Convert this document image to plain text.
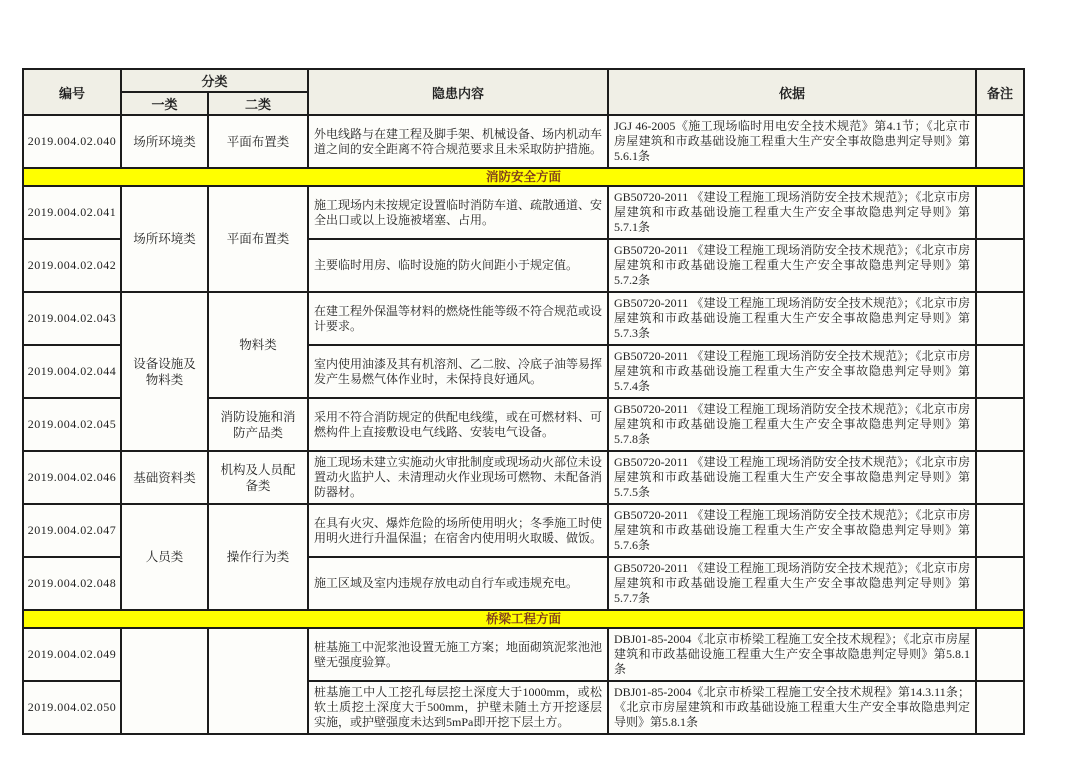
编号	分类		隐患内容	依据	备注
	一类	二类			
2019.004.02.040	场所环境类	平面布置类	外电线路与在建工程及脚手架、机械设备、场内机动车道之间的安全距离不符合规范要求且未采取防护措施。	JGJ 46-2005《施工现场临时用电安全技术规范》第4.1节；《北京市房屋建筑和市政基础设施工程重大生产安全事故隐患判定导则》第5.6.1条	
消防安全方面					
2019.004.02.041	场所环境类	平面布置类	施工现场内未按规定设置临时消防车道、疏散通道、安全出口或以上设施被堵塞、占用。	GB50720-2011 《建设工程施工现场消防安全技术规范》；《北京市房屋建筑和市政基础设施工程重大生产安全事故隐患判定导则》第5.7.1条	
2019.004.02.042			主要临时用房、临时设施的防火间距小于规定值。	GB50720-2011 《建设工程施工现场消防安全技术规范》；《北京市房屋建筑和市政基础设施工程重大生产安全事故隐患判定导则》第5.7.2条	
2019.004.02.043	设备设施及物料类	物料类	在建工程外保温等材料的燃烧性能等级不符合规范或设计要求。	GB50720-2011 《建设工程施工现场消防安全技术规范》；《北京市房屋建筑和市政基础设施工程重大生产安全事故隐患判定导则》第5.7.3条	
2019.004.02.044			室内使用油漆及其有机溶剂、乙二胺、冷底子油等易挥发产生易燃气体作业时，未保持良好通风。	GB50720-2011 《建设工程施工现场消防安全技术规范》；《北京市房屋建筑和市政基础设施工程重大生产安全事故隐患判定导则》第5.7.4条	
2019.004.02.045		消防设施和消防产品类	采用不符合消防规定的供配电线缆，或在可燃材料、可燃构件上直接敷设电气线路、安装电气设备。	GB50720-2011 《建设工程施工现场消防安全技术规范》；《北京市房屋建筑和市政基础设施工程重大生产安全事故隐患判定导则》第5.7.8条	
2019.004.02.046	基础资料类	机构及人员配备类	施工现场未建立实施动火审批制度或现场动火部位未设置动火监护人、未清理动火作业现场可燃物、未配备消防器材。	GB50720-2011 《建设工程施工现场消防安全技术规范》；《北京市房屋建筑和市政基础设施工程重大生产安全事故隐患判定导则》第5.7.5条	
2019.004.02.047	人员类	操作行为类	在具有火灾、爆炸危险的场所使用明火；冬季施工时使用明火进行升温保温；在宿舍内使用明火取暖、做饭。	GB50720-2011 《建设工程施工现场消防安全技术规范》；《北京市房屋建筑和市政基础设施工程重大生产安全事故隐患判定导则》第5.7.6条	
2019.004.02.048			施工区域及室内违规存放电动自行车或违规充电。	GB50720-2011 《建设工程施工现场消防安全技术规范》；《北京市房屋建筑和市政基础设施工程重大生产安全事故隐患判定导则》第5.7.7条	
桥梁工程方面					
2019.004.02.049			桩基施工中泥浆池设置无施工方案；地面砌筑泥浆池池壁无强度验算。	DBJ01-85-2004《北京市桥梁工程施工安全技术规程》；《北京市房屋建筑和市政基础设施工程重大生产安全事故隐患判定导则》第5.8.1条	
2019.004.02.050			桩基施工中人工挖孔每层挖土深度大于1000mm，或松软土质挖土深度大于500mm，护壁未随土方开挖逐层实施，或护壁强度未达到5mPa即开挖下层土方。	DBJ01-85-2004《北京市桥梁工程施工安全技术规程》第14.3.11条；《北京市房屋建筑和市政基础设施工程重大生产安全事故隐患判定导则》第5.8.1条	
